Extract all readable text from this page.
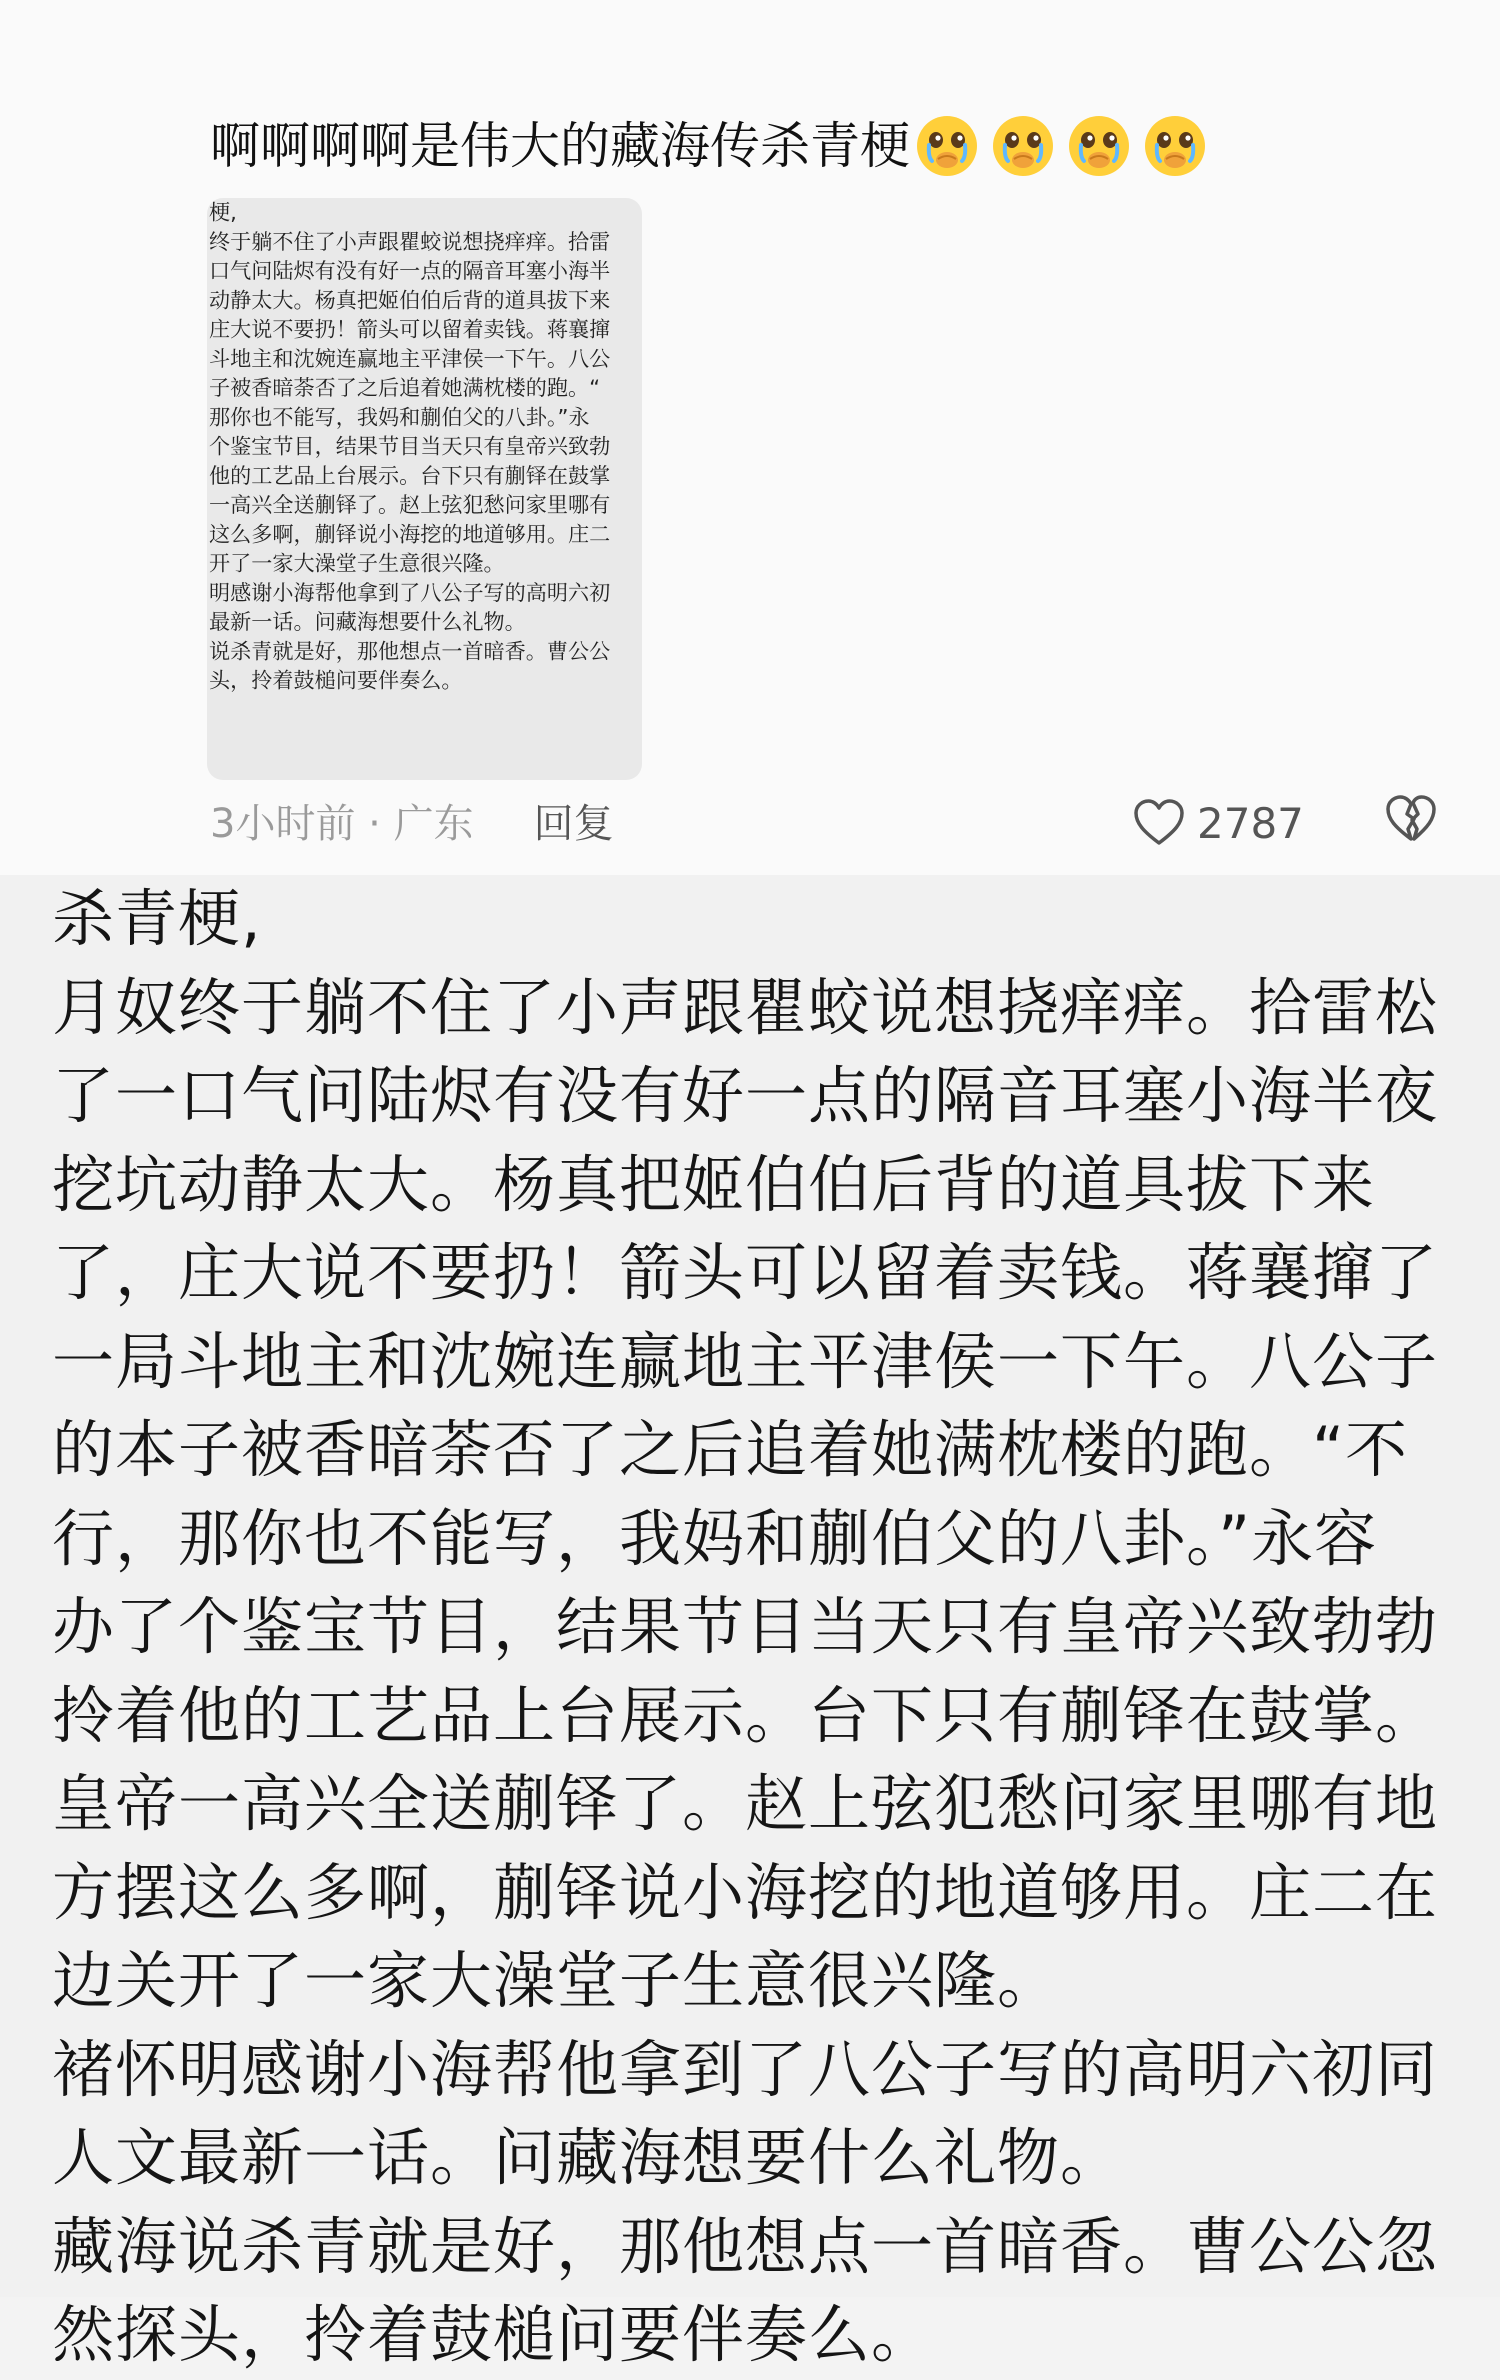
啊啊啊啊是伟大的藏海传杀青梗
梗,
终于躺不住了小声跟瞿蛟说想挠痒痒。拾雷
口气问陆烬有没有好一点的隔音耳塞小海半
动静太大。杨真把姬伯伯后背的道具拔下来
庄大说不要扔！箭头可以留着卖钱。蒋襄撺
斗地主和沈婉连赢地主平津侯一下午。八公
子被香暗荼否了之后追着她满枕楼的跑。“
那你也不能写，我妈和蒯伯父的八卦。”永
个鉴宝节目，结果节目当天只有皇帝兴致勃
他的工艺品上台展示。台下只有蒯铎在鼓掌
一高兴全送蒯铎了。赵上弦犯愁问家里哪有
这么多啊，蒯铎说小海挖的地道够用。庄二
开了一家大澡堂子生意很兴隆。
明感谢小海帮他拿到了八公子写的高明六初
最新一话。问藏海想要什么礼物。
说杀青就是好，那他想点一首暗香。曹公公
头，拎着鼓槌问要伴奏么。
3小时前 · 广东 回复	2787
杀青梗,
月奴终于躺不住了小声跟瞿蛟说想挠痒痒。拾雷松
了一口气问陆烬有没有好一点的隔音耳塞小海半夜
挖坑动静太大。杨真把姬伯伯后背的道具拔下来
了，庄大说不要扔！箭头可以留着卖钱。蒋襄撺了
一局斗地主和沈婉连赢地主平津侯一下午。八公子
的本子被香暗荼否了之后追着她满枕楼的跑。“不
行，那你也不能写，我妈和蒯伯父的八卦。”永容
办了个鉴宝节目，结果节目当天只有皇帝兴致勃勃
拎着他的工艺品上台展示。台下只有蒯铎在鼓掌。
皇帝一高兴全送蒯铎了。赵上弦犯愁问家里哪有地
方摆这么多啊，蒯铎说小海挖的地道够用。庄二在
边关开了一家大澡堂子生意很兴隆。
褚怀明感谢小海帮他拿到了八公子写的高明六初同
人文最新一话。问藏海想要什么礼物。
藏海说杀青就是好，那他想点一首暗香。曹公公忽
然探头，拎着鼓槌问要伴奏么。
